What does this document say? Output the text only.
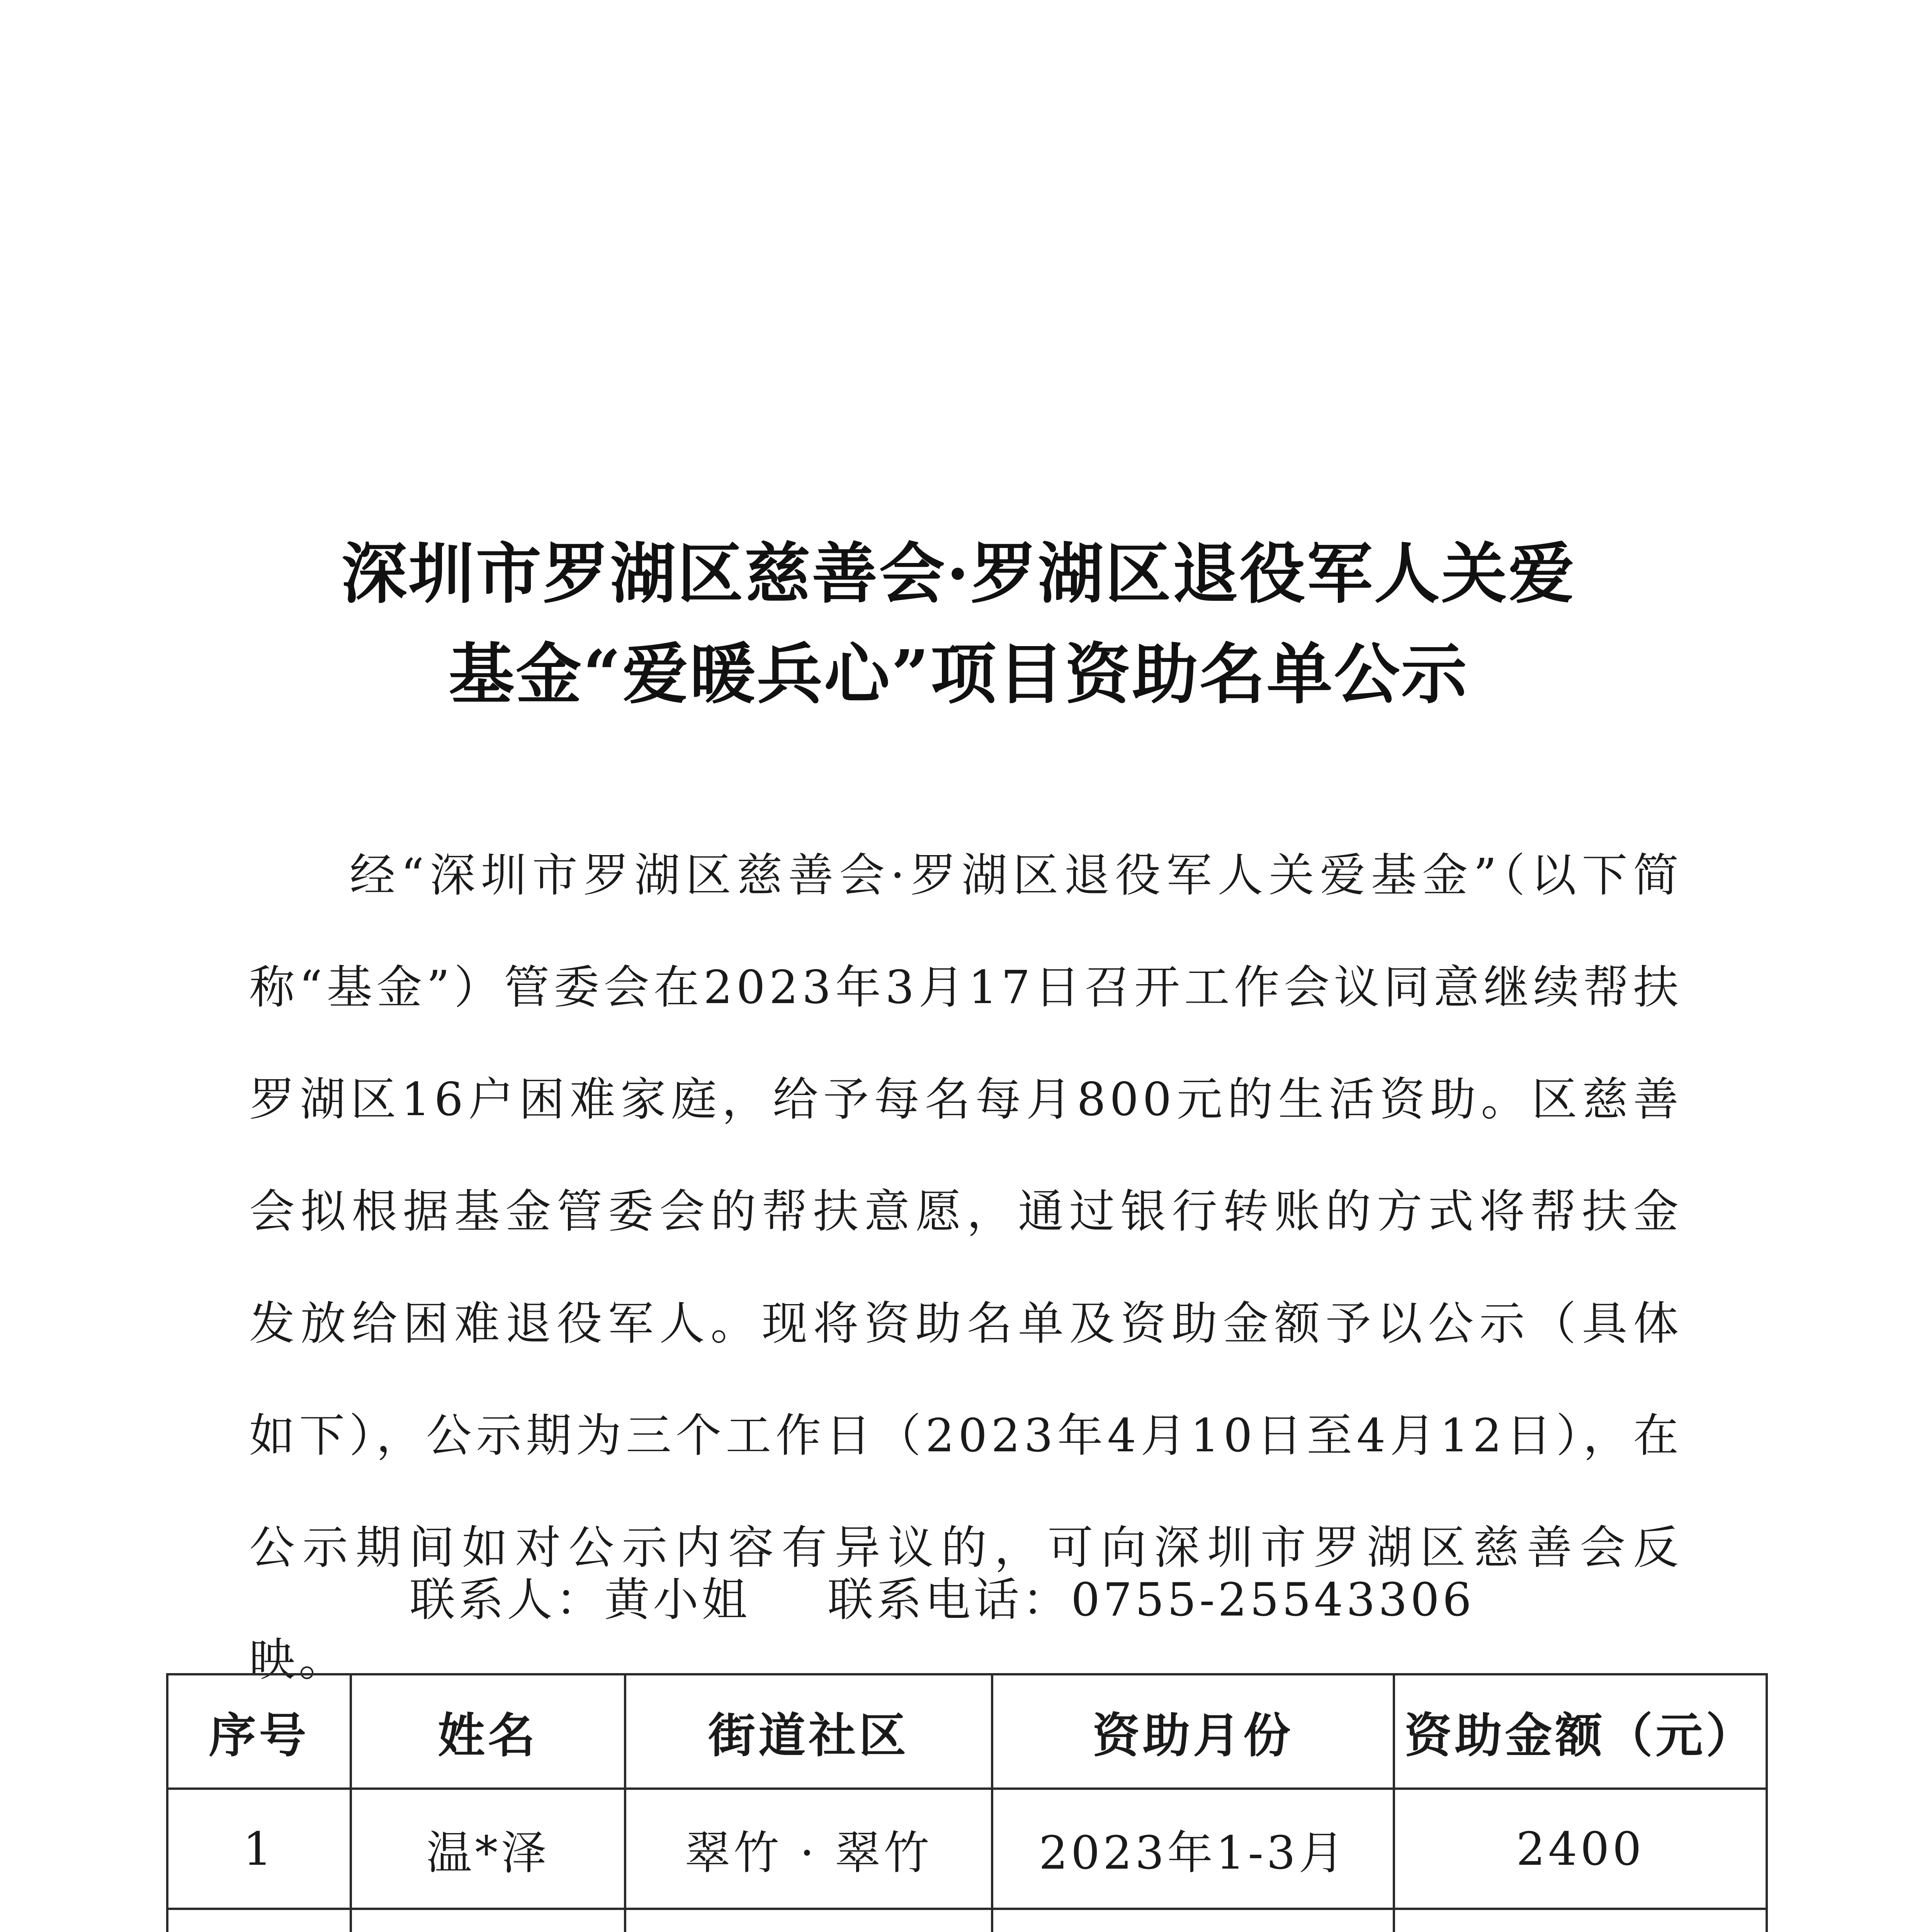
深圳市罗湖区慈善会·罗湖区退役军人关爱
基金“爱暖兵心”项目资助名单公示

经“深圳市罗湖区慈善会·罗湖区退役军人关爱基金”（以下简称“基金”）管委会在2023年3月17日召开工作会议同意继续帮扶罗湖区16户困难家庭，给予每名每月800元的生活资助。区慈善会拟根据基金管委会的帮扶意愿，通过银行转账的方式将帮扶金发放给困难退役军人。现将资助名单及资助金额予以公示（具体如下），公示期为三个工作日（2023年4月10日至4月12日），在公示期间如对公示内容有异议的，可向深圳市罗湖区慈善会反映。

联系人：黄小姐 联系电话：0755-25543306
序号	姓名	街道社区	资助月份	资助金额（元）
1	温*泽	翠竹 · 翠竹	2023年1-3月	2400
